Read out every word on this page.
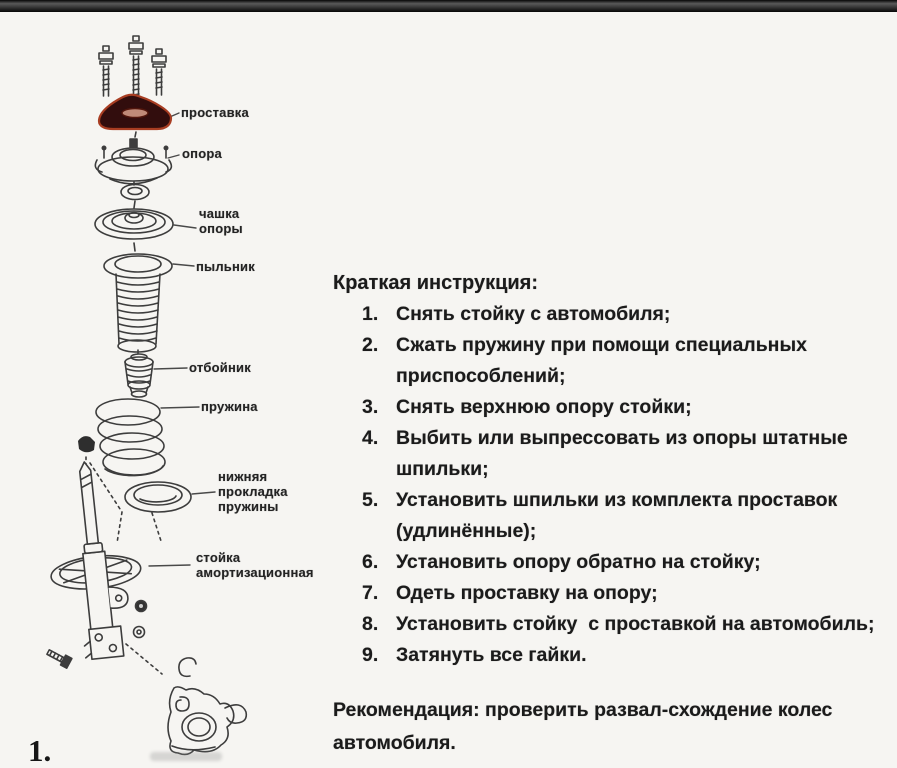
проставка
опора
чашка
опоры
пыльник
отбойник
пружина
нижняя
прокладка
пружины
стойка
амортизационная
Краткая инструкция:
1. Снять стойку с автомобиля;
2. Сжать пружину при помощи специальных
приспособлений;
3. Снять верхнюю опору стойки;
4. Выбить или выпрессовать из опоры штатные
шпильки;
5. Установить шпильки из комплекта проставок
(удлинённые);
6. Установить опору обратно на стойку;
7. Одеть проставку на опору;
8. Установить стойку  с проставкой на автомобиль;
9. Затянуть все гайки.
Рекомендация: проверить развал-схождение колес
автомобиля.
1.
